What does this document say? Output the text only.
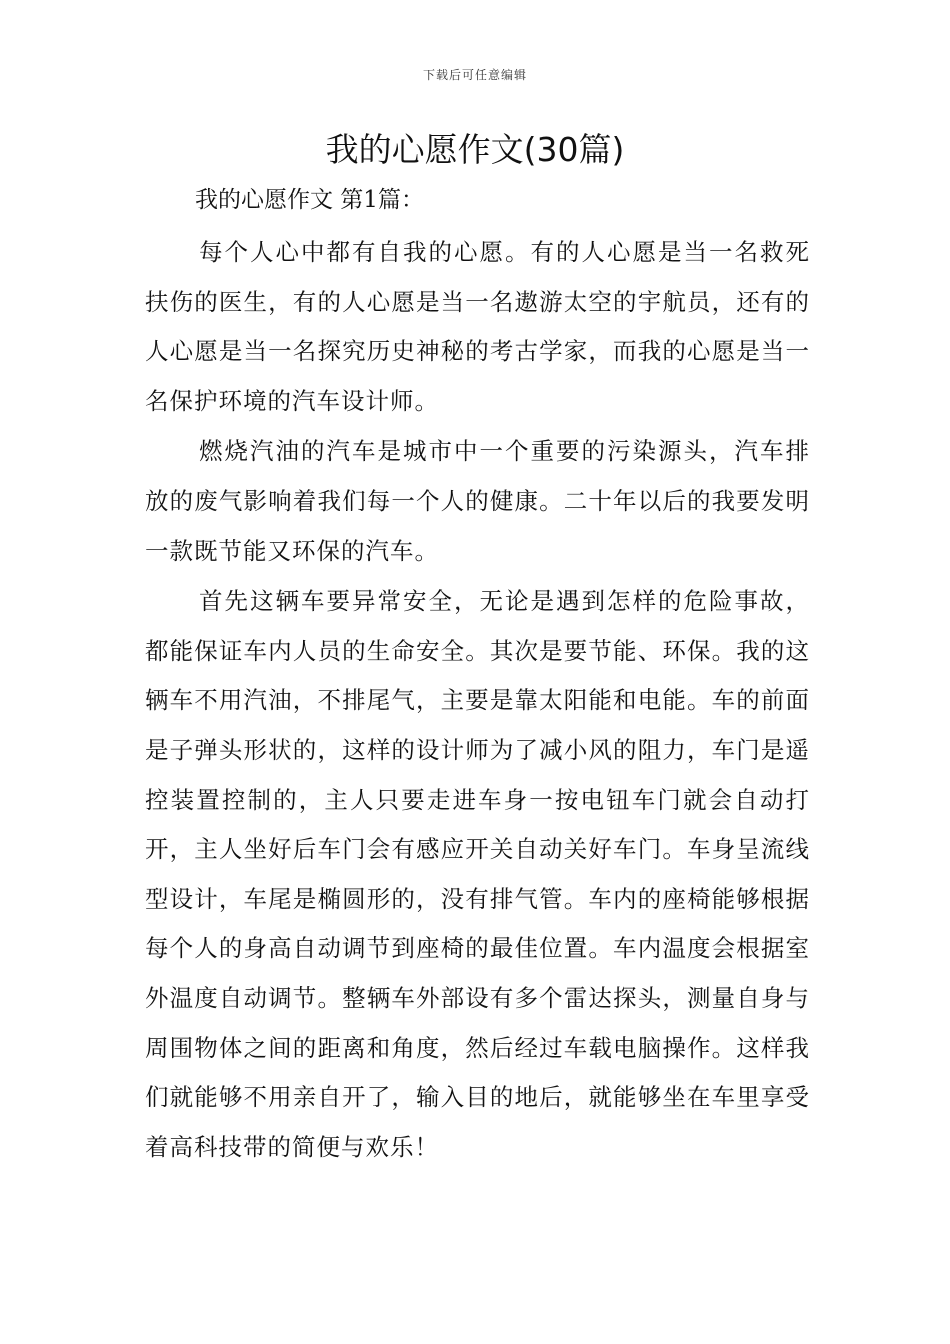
下载后可任意编辑
我的心愿作文(30篇)

我的心愿作文 第1篇：

每个人心中都有自我的心愿。有的人心愿是当一名救死扶伤的医生，有的人心愿是当一名遨游太空的宇航员，还有的人心愿是当一名探究历史神秘的考古学家，而我的心愿是当一名保护环境的汽车设计师。

燃烧汽油的汽车是城市中一个重要的污染源头，汽车排放的废气影响着我们每一个人的健康。二十年以后的我要发明一款既节能又环保的汽车。

首先这辆车要异常安全，无论是遇到怎样的危险事故，都能保证车内人员的生命安全。其次是要节能、环保。我的这辆车不用汽油，不排尾气，主要是靠太阳能和电能。车的前面是子弹头形状的，这样的设计师为了减小风的阻力，车门是遥控装置控制的，主人只要走进车身一按电钮车门就会自动打开，主人坐好后车门会有感应开关自动关好车门。车身呈流线型设计，车尾是椭圆形的，没有排气管。车内的座椅能够根据每个人的身高自动调节到座椅的最佳位置。车内温度会根据室外温度自动调节。整辆车外部设有多个雷达探头，测量自身与周围物体之间的距离和角度，然后经过车载电脑操作。这样我们就能够不用亲自开了，输入目的地后，就能够坐在车里享受着高科技带的简便与欢乐！
